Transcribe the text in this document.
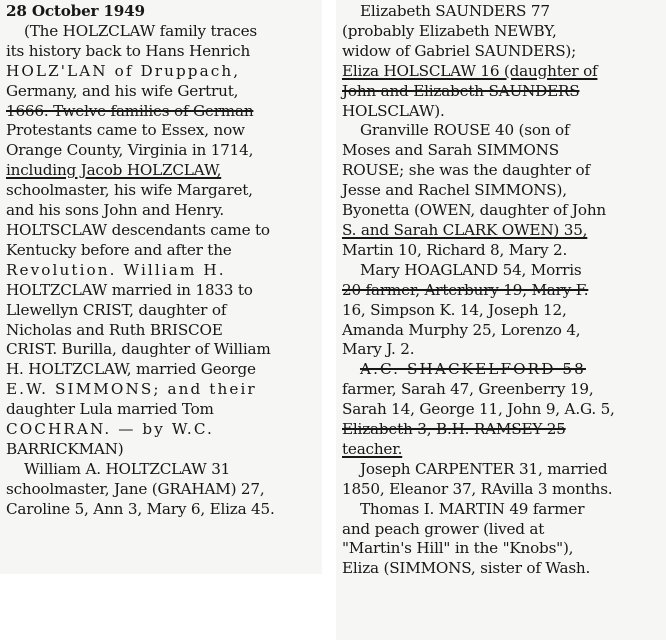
28 October 1949
(The HOLZCLAW family traces
its history back to Hans Henrich
HOLZ'LAN of Druppach,
Germany, and his wife Gertrut,
1666. Twelve families of German
Protestants came to Essex, now
Orange County, Virginia in 1714,
including Jacob HOLZCLAW,
schoolmaster, his wife Margaret,
and his sons John and Henry.
HOLTSCLAW descendants came to
Kentucky before and after the
Revolution. William H.
HOLTZCLAW married in 1833 to
Llewellyn CRIST, daughter of
Nicholas and Ruth BRISCOE
CRIST. Burilla, daughter of William
H. HOLTZCLAW, married George
E.W. SIMMONS; and their
daughter Lula married Tom
COCHRAN. — by W.C.
BARRICKMAN)
William A. HOLTZCLAW 31
schoolmaster, Jane (GRAHAM) 27,
Caroline 5, Ann 3, Mary 6, Eliza 45.
Elizabeth SAUNDERS 77
(probably Elizabeth NEWBY,
widow of Gabriel SAUNDERS);
Eliza HOLSCLAW 16 (daughter of
John and Elizabeth SAUNDERS
HOLSCLAW).
Granville ROUSE 40 (son of
Moses and Sarah SIMMONS
ROUSE; she was the daughter of
Jesse and Rachel SIMMONS),
Byonetta (OWEN, daughter of John
S. and Sarah CLARK OWEN) 35,
Martin 10, Richard 8, Mary 2.
Mary HOAGLAND 54, Morris
20 farmer, Arterbury 19, Mary F.
16, Simpson K. 14, Joseph 12,
Amanda Murphy 25, Lorenzo 4,
Mary J. 2.
A.C. SHACKELFORD 58
farmer, Sarah 47, Greenberry 19,
Sarah 14, George 11, John 9, A.G. 5,
Elizabeth 3, B.H. RAMSEY 25
teacher.
Joseph CARPENTER 31, married
1850, Eleanor 37, RAvilla 3 months.
Thomas I. MARTIN 49 farmer
and peach grower (lived at
"Martin's Hill" in the "Knobs"),
Eliza (SIMMONS, sister of Wash.
